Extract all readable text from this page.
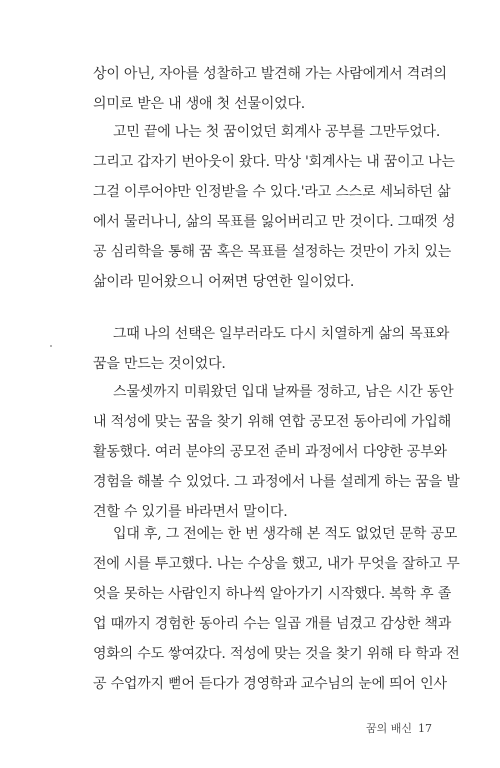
상이 아닌, 자아를 성찰하고 발견해 가는 사람에게서 격려의

의미로 받은 내 생애 첫 선물이었다.

고민 끝에 나는 첫 꿈이었던 회계사 공부를 그만두었다.

그리고 갑자기 번아웃이 왔다. 막상 '회계사는 내 꿈이고 나는

그걸 이루어야만 인정받을 수 있다.'라고 스스로 세뇌하던 삶

에서 물러나니, 삶의 목표를 잃어버리고 만 것이다. 그때껏 성

공 심리학을 통해 꿈 혹은 목표를 설정하는 것만이 가치 있는

삶이라 믿어왔으니 어쩌면 당연한 일이었다.

그때 나의 선택은 일부러라도 다시 치열하게 삶의 목표와

꿈을 만드는 것이었다.

스물셋까지 미뤄왔던 입대 날짜를 정하고, 남은 시간 동안

내 적성에 맞는 꿈을 찾기 위해 연합 공모전 동아리에 가입해

활동했다. 여러 분야의 공모전 준비 과정에서 다양한 공부와

경험을 해볼 수 있었다. 그 과정에서 나를 설레게 하는 꿈을 발

견할 수 있기를 바라면서 말이다.

입대 후, 그 전에는 한 번 생각해 본 적도 없었던 문학 공모

전에 시를 투고했다. 나는 수상을 했고, 내가 무엇을 잘하고 무

엇을 못하는 사람인지 하나씩 알아가기 시작했다. 복학 후 졸

업 때까지 경험한 동아리 수는 일곱 개를 넘겼고 감상한 책과

영화의 수도 쌓여갔다. 적성에 맞는 것을 찾기 위해 타 학과 전

공 수업까지 뻗어 듣다가 경영학과 교수님의 눈에 띄어 인사

꿈의 배신 17
